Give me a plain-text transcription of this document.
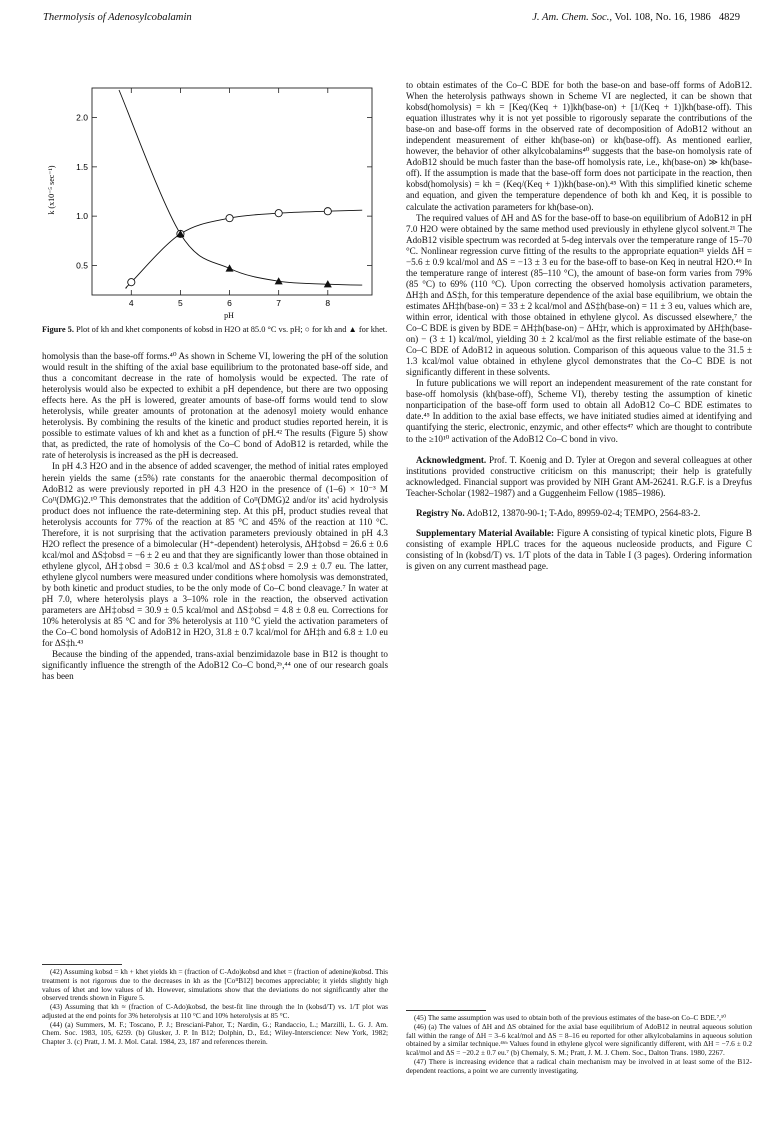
Thermolysis of Adenosylcobalamin	J. Am. Chem. Soc., Vol. 108, No. 16, 1986 4829
4	5	6	7	8
0.5
1.0
1.5
2.0
k (x10⁻⁵ sec⁻¹)
pH
Figure 5. Plot of kh and khet components of kobsd in H2O at 85.0 °C vs. pH; ○ for kh and ▲ for khet.

homolysis than the base-off forms.⁴⁰ As shown in Scheme VI, lowering the pH of the solution would result in the shifting of the axial base equilibrium to the protonated base-off side, and thus a concomitant decrease in the rate of homolysis would be expected. The rate of heterolysis would also be expected to exhibit a pH dependence, but there are two opposing effects here. As the pH is lowered, greater amounts of base-off forms would tend to slow heterolysis, while greater amounts of protonation at the adenosyl moiety would enhance heterolysis. By combining the results of the kinetic and product studies reported herein, it is possible to estimate values of kh and khet as a function of pH.⁴² The results (Figure 5) show that, as predicted, the rate of homolysis of the Co–C bond of AdoB12 is retarded, while the rate of heterolysis is increased as the pH is decreased.

In pH 4.3 H2O and in the absence of added scavenger, the method of initial rates employed herein yields the same (±5%) rate constants for the anaerobic thermal decomposition of AdoB12 as were previously reported in pH 4.3 H2O in the presence of (1–6) × 10⁻³ M Coᴵᴵ(DMG)2.¹⁰ This demonstrates that the addition of Coᴵᴵ(DMG)2 and/or its' acid hydrolysis product does not influence the rate-determining step. At this pH, product studies reveal that heterolysis accounts for 77% of the reaction at 85 °C and 45% of the reaction at 110 °C. Therefore, it is not surprising that the activation parameters previously obtained in pH 4.3 H2O reflect the presence of a bimolecular (H⁺-dependent) heterolysis, ΔH‡obsd = 26.6 ± 0.6 kcal/mol and ΔS‡obsd = −6 ± 2 eu and that they are significantly lower than those obtained in ethylene glycol, ΔH‡obsd = 30.6 ± 0.3 kcal/mol and ΔS‡obsd = 2.9 ± 0.7 eu. The latter, ethylene glycol numbers were measured under conditions where homolysis was demonstrated, by both kinetic and product studies, to be the only mode of Co–C bond cleavage.⁷ In water at pH 7.0, where heterolysis plays a 3–10% role in the reaction, the observed activation parameters are ΔH‡obsd = 30.9 ± 0.5 kcal/mol and ΔS‡obsd = 4.8 ± 0.8 eu. Corrections for 10% heterolysis at 85 °C and for 3% heterolysis at 110 °C yield the activation parameters of the Co–C bond homolysis of AdoB12 in H2O, 31.8 ± 0.7 kcal/mol for ΔH‡h and 6.8 ± 1.0 eu for ΔS‡h.⁴³

Because the binding of the appended, trans-axial benzimidazole base in B12 is thought to significantly influence the strength of the AdoB12 Co–C bond,²ᵇ,⁴⁴ one of our research goals has been

(42) Assuming kobsd = kh + khet yields kh = (fraction of C-Ado)kobsd and khet = (fraction of adenine)kobsd. This treatment is not rigorous due to the decreases in kh as the [CoᴵᴵB12] becomes appreciable; it yields slightly high values of khet and low values of kh. However, simulations show that the deviations do not significantly alter the observed trends shown in Figure 5.

(43) Assuming that kh ≈ (fraction of C-Ado)kobsd, the best-fit line through the ln (kobsd/T) vs. 1/T plot was adjusted at the end points for 3% heterolysis at 110 °C and 10% heterolysis at 85 °C.

(44) (a) Summers, M. F.; Toscano, P. J.; Bresciani-Pahor, T.; Nardin, G.; Randaccio, L.; Marzilli, L. G. J. Am. Chem. Soc. 1983, 105, 6259. (b) Glusker, J. P. In B12; Dolphin, D., Ed.; Wiley-Interscience: New York, 1982; Chapter 3. (c) Pratt, J. M. J. Mol. Catal. 1984, 23, 187 and references therein.

to obtain estimates of the Co–C BDE for both the base-on and base-off forms of AdoB12. When the heterolysis pathways shown in Scheme VI are neglected, it can be shown that kobsd(homolysis) = kh = [Keq/(Keq + 1)]kh(base-on) + [1/(Keq + 1)]kh(base-off). This equation illustrates why it is not yet possible to rigorously separate the contributions of the base-on and base-off forms in the observed rate of decomposition of AdoB12 without an independent measurement of either kh(base-on) or kh(base-off). As mentioned earlier, however, the behavior of other alkylcobalamins⁴⁰ suggests that the base-on homolysis rate of AdoB12 should be much faster than the base-off homolysis rate, i.e., kh(base-on) ≫ kh(base-off). If the assumption is made that the base-off form does not participate in the reaction, then kobsd(homolysis) = kh = (Keq/(Keq + 1))kh(base-on).⁴⁵ With this simplified kinetic scheme and equation, and given the temperature dependence of both kh and Keq, it is possible to calculate the activation parameters for kh(base-on).

The required values of ΔH and ΔS for the base-off to base-on equilibrium of AdoB12 in pH 7.0 H2O were obtained by the same method used previously in ethylene glycol solvent.²¹ The AdoB12 visible spectrum was recorded at 5-deg intervals over the temperature range of 15–70 °C. Nonlinear regression curve fitting of the results to the appropriate equation²¹ yields ΔH = −5.6 ± 0.9 kcal/mol and ΔS = −13 ± 3 eu for the base-off to base-on Keq in neutral H2O.⁴⁶ In the temperature range of interest (85–110 °C), the amount of base-on form varies from 79% (85 °C) to 69% (110 °C). Upon correcting the observed homolysis activation parameters, ΔH‡h and ΔS‡h, for this temperature dependence of the axial base equilibrium, we obtain the estimates ΔH‡h(base-on) = 33 ± 2 kcal/mol and ΔS‡h(base-on) = 11 ± 3 eu, values which are, within error, identical with those obtained in ethylene glycol. As discussed elsewhere,⁷ the Co–C BDE is given by BDE = ΔH‡h(base-on) − ΔH‡r, which is approximated by ΔH‡h(base-on) − (3 ± 1) kcal/mol, yielding 30 ± 2 kcal/mol as the first reliable estimate of the base-on Co–C BDE of AdoB12 in aqueous solution. Comparison of this aqueous value to the 31.5 ± 1.3 kcal/mol value obtained in ethylene glycol demonstrates that the Co–C BDE is not significantly different in these solvents.

In future publications we will report an independent measurement of the rate constant for base-off homolysis (kh(base-off), Scheme VI), thereby testing the assumption of kinetic nonparticipation of the base-off form used to obtain all AdoB12 Co–C BDE estimates to date.⁴⁵ In addition to the axial base effects, we have initiated studies aimed at identifying and quantifying the steric, electronic, enzymic, and other effects⁴⁷ which are thought to contribute to the ≥10¹⁰ activation of the AdoB12 Co–C bond in vivo.

Acknowledgment. Prof. T. Koenig and D. Tyler at Oregon and several colleagues at other institutions provided constructive criticism on this manuscript; their help is gratefully acknowledged. Financial support was provided by NIH Grant AM-26241. R.G.F. is a Dreyfus Teacher-Scholar (1982–1987) and a Guggenheim Fellow (1985–1986).

Registry No. AdoB12, 13870-90-1; T-Ado, 89959-02-4; TEMPO, 2564-83-2.

Supplementary Material Available: Figure A consisting of typical kinetic plots, Figure B consisting of example HPLC traces for the aqueous nucleoside products, and Figure C consisting of ln (kobsd/T) vs. 1/T plots of the data in Table I (3 pages). Ordering information is given on any current masthead page.

(45) The same assumption was used to obtain both of the previous estimates of the base-on Co–C BDE.⁷,¹⁰

(46) (a) The values of ΔH and ΔS obtained for the axial base equilibrium of AdoB12 in neutral aqueous solution fall within the range of ΔH = 3–6 kcal/mol and ΔS = 8–16 eu reported for other alkylcobalamins in aqueous solution obtained by a similar technique.⁴⁶ᵇ Values found in ethylene glycol were significantly different, with ΔH = −7.6 ± 0.2 kcal/mol and ΔS = −20.2 ± 0.7 eu.⁷ (b) Chemaly, S. M.; Pratt, J. M. J. Chem. Soc., Dalton Trans. 1980, 2267.

(47) There is increasing evidence that a radical chain mechanism may be involved in at least some of the B12-dependent reactions, a point we are currently investigating.
